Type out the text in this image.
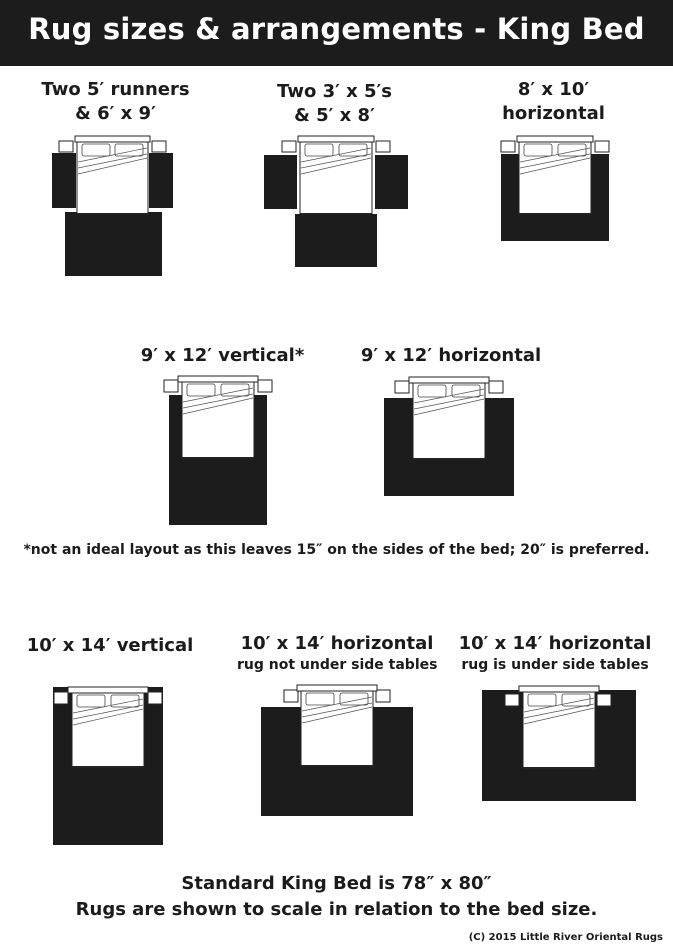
Rug sizes & arrangements - King Bed
Two 5′ runners
& 6′ x 9′
Two 3′ x 5′s
& 5′ x 8′
8′ x 10′
horizontal
9′ x 12′ vertical*	9′ x 12′ horizontal
*not an ideal layout as this leaves 15″ on the sides of the bed; 20″ is preferred.
10′ x 14′ vertical	10′ x 14′ horizontal
rug not under side tables
10′ x 14′ horizontal
rug is under side tables
Standard King Bed is 78″ x 80″
Rugs are shown to scale in relation to the bed size.
(C) 2015 Little River Oriental Rugs
